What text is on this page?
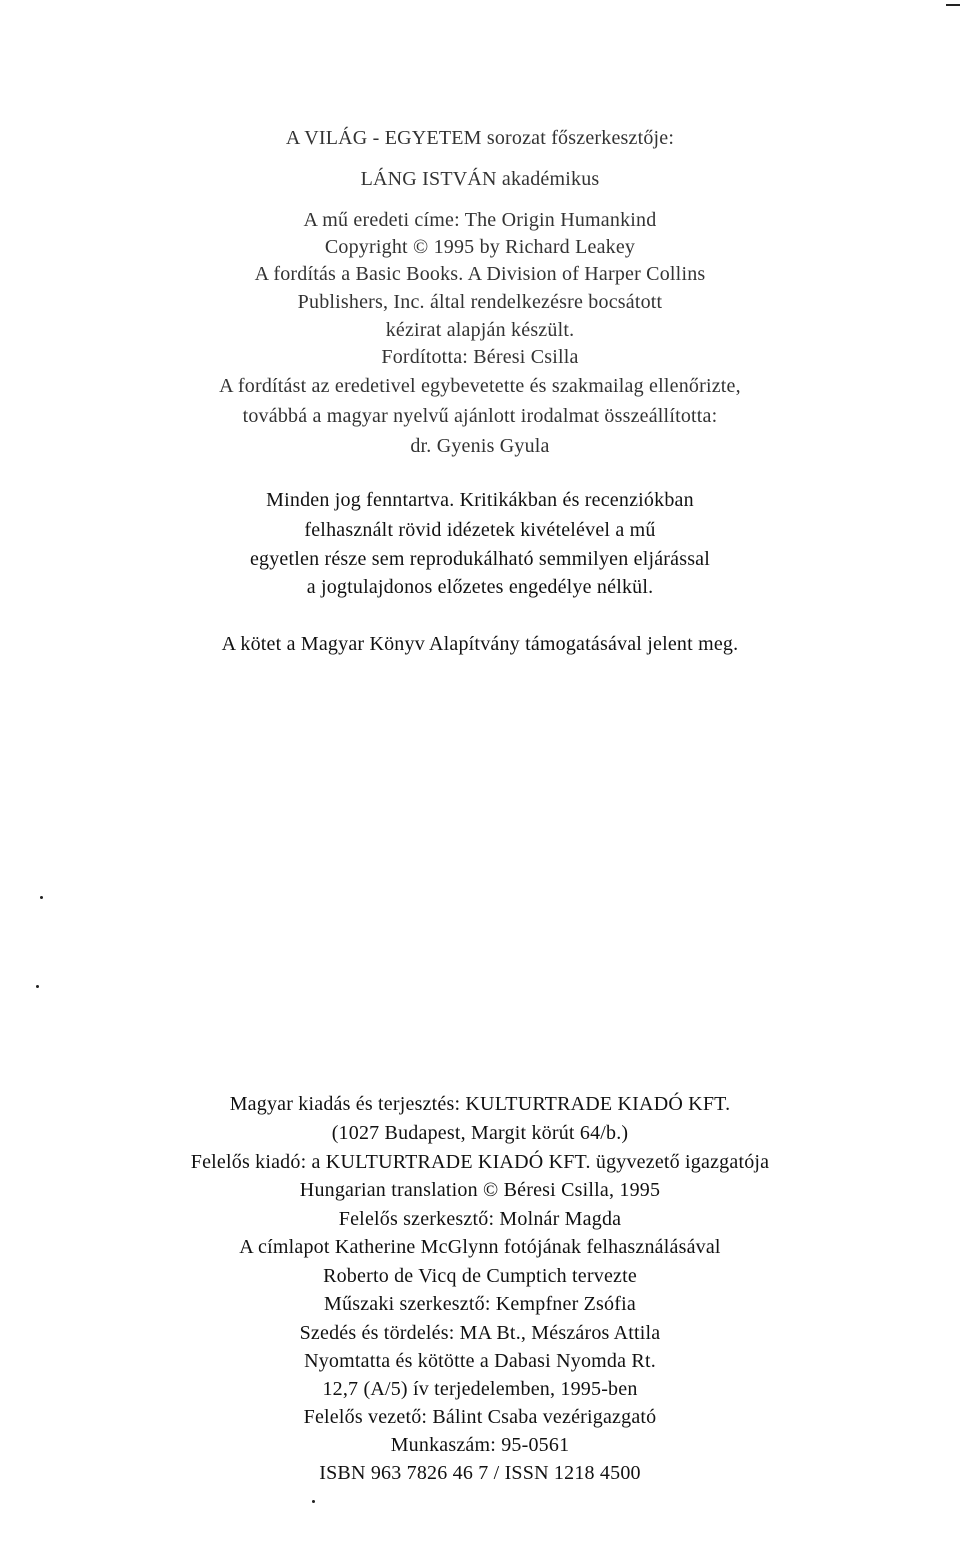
A VILÁG - EGYETEM sorozat főszerkesztője:
LÁNG ISTVÁN akadémikus
A mű eredeti címe: The Origin Humankind
Copyright © 1995 by Richard Leakey
A fordítás a Basic Books. A Division of Harper Collins
Publishers, Inc. által rendelkezésre bocsátott
kézirat alapján készült.
Fordította: Béresi Csilla
A fordítást az eredetivel egybevetette és szakmailag ellenőrizte,
továbbá a magyar nyelvű ajánlott irodalmat összeállította:
dr. Gyenis Gyula
Minden jog fenntartva. Kritikákban és recenziókban
felhasznált rövid idézetek kivételével a mű
egyetlen része sem reprodukálható semmilyen eljárással
a jogtulajdonos előzetes engedélye nélkül.
A kötet a Magyar Könyv Alapítvány támogatásával jelent meg.
Magyar kiadás és terjesztés: KULTURTRADE KIADÓ KFT.
(1027 Budapest, Margit körút 64/b.)
Felelős kiadó: a KULTURTRADE KIADÓ KFT. ügyvezető igazgatója
Hungarian translation © Béresi Csilla, 1995
Felelős szerkesztő: Molnár Magda
A címlapot Katherine McGlynn fotójának felhasználásával
Roberto de Vicq de Cumptich tervezte
Műszaki szerkesztő: Kempfner Zsófia
Szedés és tördelés: MA Bt., Mészáros Attila
Nyomtatta és kötötte a Dabasi Nyomda Rt.
12,7 (A/5) ív terjedelemben, 1995-ben
Felelős vezető: Bálint Csaba vezérigazgató
Munkaszám: 95-0561
ISBN 963 7826 46 7 / ISSN 1218 4500
